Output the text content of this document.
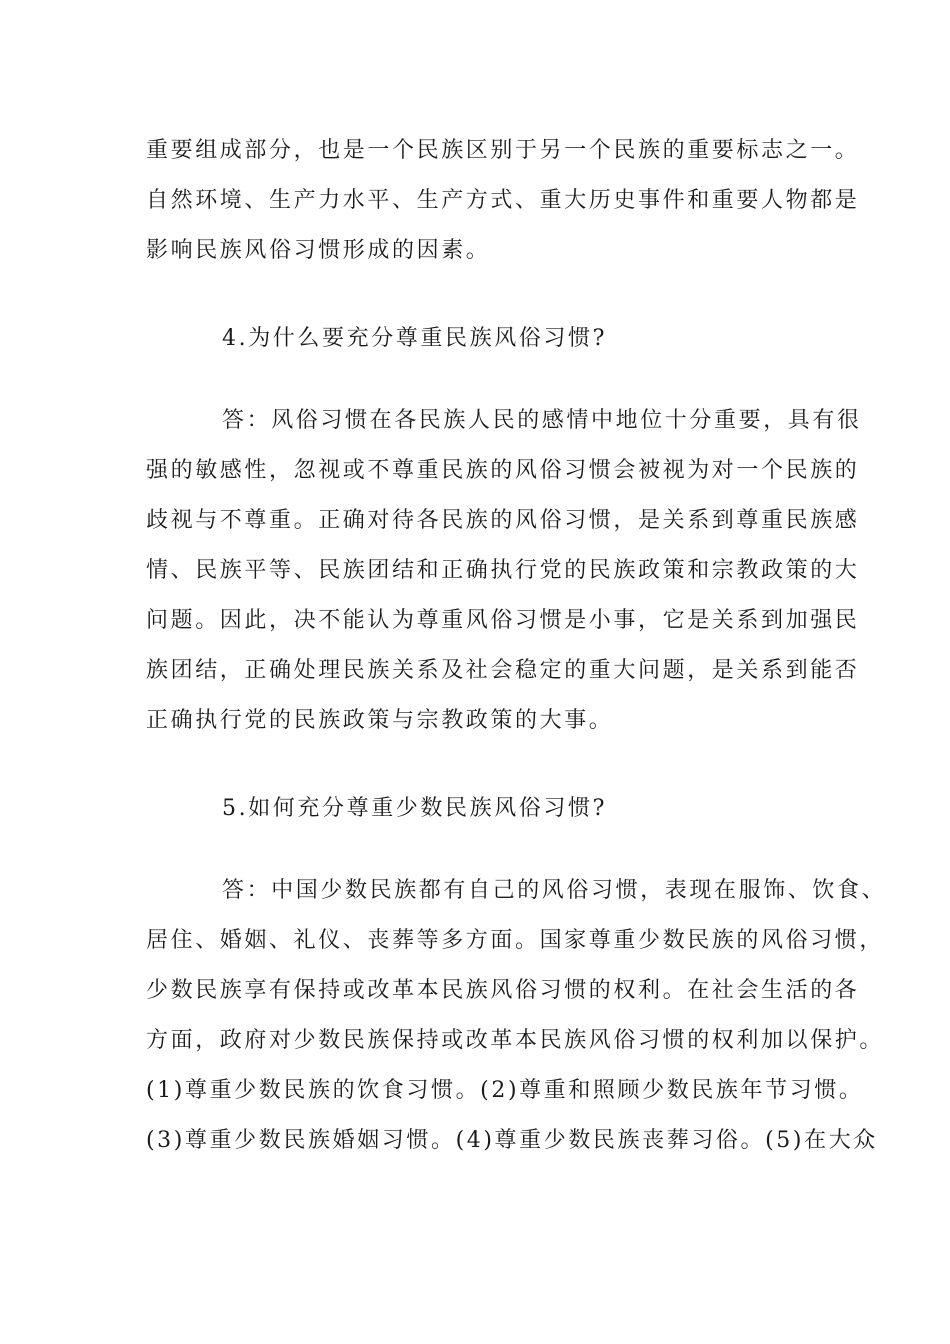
重要组成部分，也是一个民族区别于另一个民族的重要标志之一。
自然环境、生产力水平、生产方式、重大历史事件和重要人物都是
影响民族风俗习惯形成的因素。
4.为什么要充分尊重民族风俗习惯?
答：风俗习惯在各民族人民的感情中地位十分重要，具有很
强的敏感性，忽视或不尊重民族的风俗习惯会被视为对一个民族的
歧视与不尊重。正确对待各民族的风俗习惯，是关系到尊重民族感
情、民族平等、民族团结和正确执行党的民族政策和宗教政策的大
问题。因此，决不能认为尊重风俗习惯是小事，它是关系到加强民
族团结，正确处理民族关系及社会稳定的重大问题，是关系到能否
正确执行党的民族政策与宗教政策的大事。
5.如何充分尊重少数民族风俗习惯?
答：中国少数民族都有自己的风俗习惯，表现在服饰、饮食、
居住、婚姻、礼仪、丧葬等多方面。国家尊重少数民族的风俗习惯，
少数民族享有保持或改革本民族风俗习惯的权利。在社会生活的各
方面，政府对少数民族保持或改革本民族风俗习惯的权利加以保护。
(1)尊重少数民族的饮食习惯。(2)尊重和照顾少数民族年节习惯。
(3)尊重少数民族婚姻习惯。(4)尊重少数民族丧葬习俗。(5)在大众
